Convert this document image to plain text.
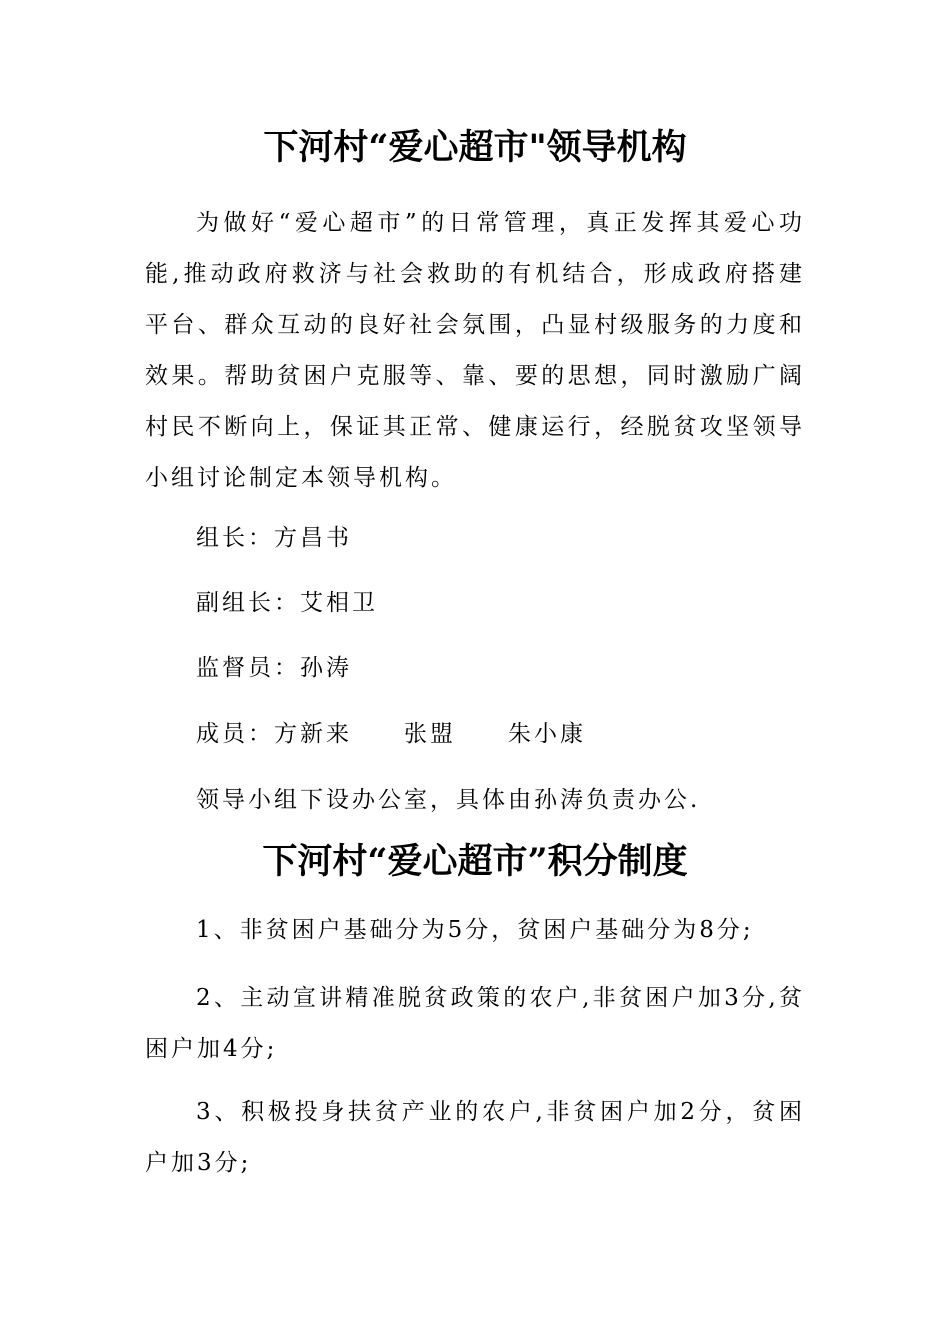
下河村“爱心超市"领导机构

为做好“爱心超市”的日常管理，真正发挥其爱心功能,推动政府救济与社会救助的有机结合，形成政府搭建平台、群众互动的良好社会氛围，凸显村级服务的力度和效果。帮助贫困户克服等、靠、要的思想，同时激励广阔村民不断向上，保证其正常、健康运行，经脱贫攻坚领导小组讨论制定本领导机构。

组长：方昌书

副组长：艾相卫

监督员：孙涛

成员：方新来 张盟 朱小康

领导小组下设办公室，具体由孙涛负责办公.

下河村“爱心超市”积分制度

1、非贫困户基础分为5分，贫困户基础分为8分;

2、主动宣讲精准脱贫政策的农户,非贫困户加3分,贫困户加4分;

3、积极投身扶贫产业的农户,非贫困户加2分，贫困户加3分;
